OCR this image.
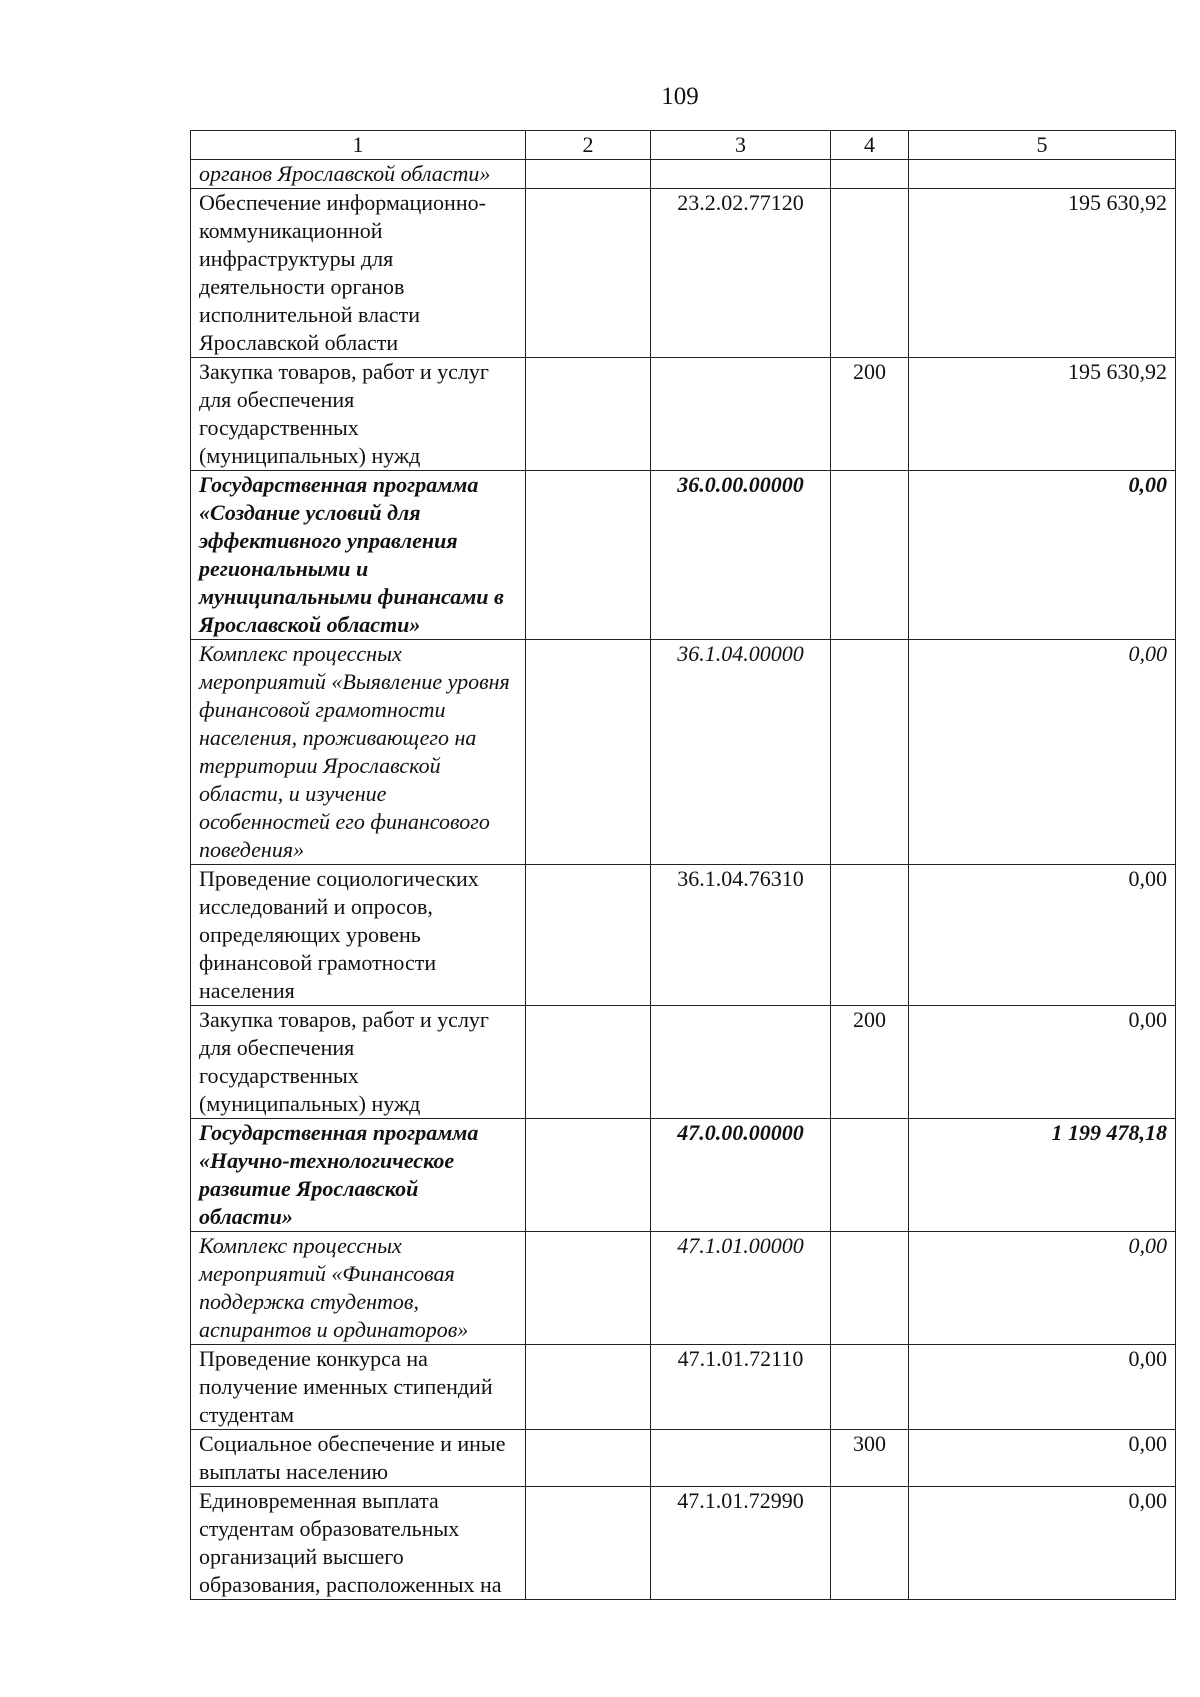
109
1	2	3	4	5
органов Ярославской области»				
Обеспечение информационно-коммуникационной инфраструктуры для деятельности органов исполнительной власти Ярославской области		23.2.02.77120		195 630,92
Закупка товаров, работ и услуг для обеспечения государственных (муниципальных) нужд			200	195 630,92
Государственная программа «Создание условий для эффективного управления региональными и муниципальными финансами в Ярославской области»		36.0.00.00000		0,00
Комплекс процессных мероприятий «Выявление уровня финансовой грамотности населения, проживающего на территории Ярославской области, и изучение особенностей его финансового поведения»		36.1.04.00000		0,00
Проведение социологических исследований и опросов, определяющих уровень финансовой грамотности населения		36.1.04.76310		0,00
Закупка товаров, работ и услуг для обеспечения государственных (муниципальных) нужд			200	0,00
Государственная программа «Научно-технологическое развитие Ярославской области»		47.0.00.00000		1 199 478,18
Комплекс процессных мероприятий «Финансовая поддержка студентов, аспирантов и ординаторов»		47.1.01.00000		0,00
Проведение конкурса на получение именных стипендий студентам		47.1.01.72110		0,00
Социальное обеспечение и иные выплаты населению			300	0,00
Единовременная выплата студентам образовательных организаций высшего образования, расположенных на		47.1.01.72990		0,00
